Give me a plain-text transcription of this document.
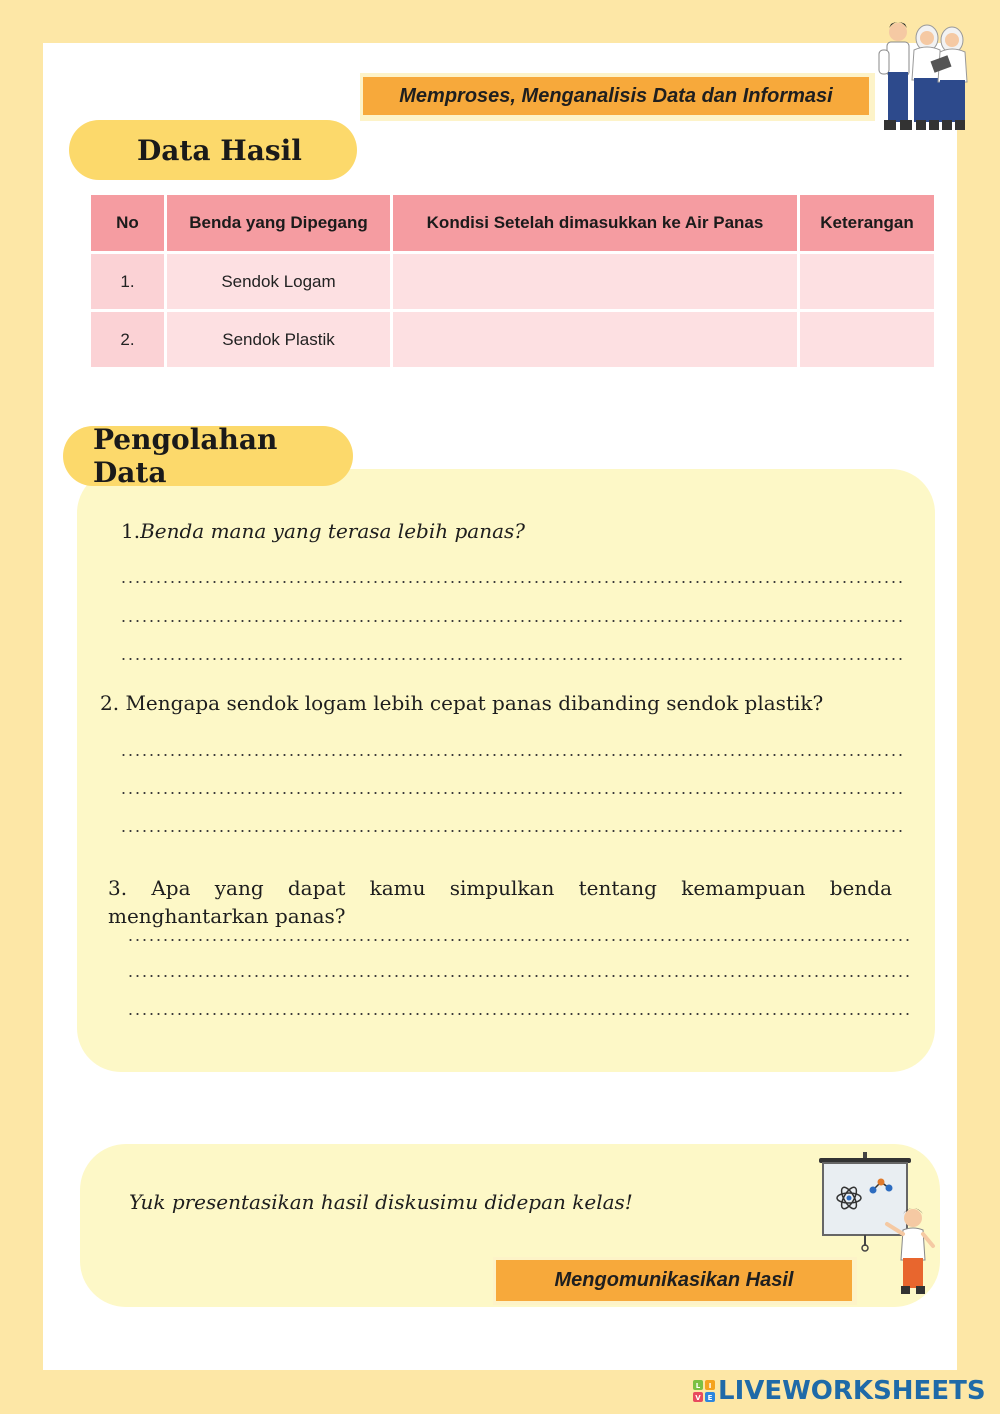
Memproses, Menganalisis Data dan Informasi
Data Hasil
No	Benda yang Dipegang	Kondisi Setelah dimasukkan ke Air Panas	Keterangan
1.	Sendok Logam		
2.	Sendok Plastik		
Pengolahan Data
1.Benda mana yang terasa lebih panas?
2. Mengapa sendok logam lebih cepat panas dibanding sendok plastik?
3. Apa yang dapat kamu simpulkan tentang kemampuan benda menghantarkan panas?
Yuk presentasikan hasil diskusimu didepan kelas!
Mengomunikasikan Hasil
L I
V E LIVEWORKSHEETS
